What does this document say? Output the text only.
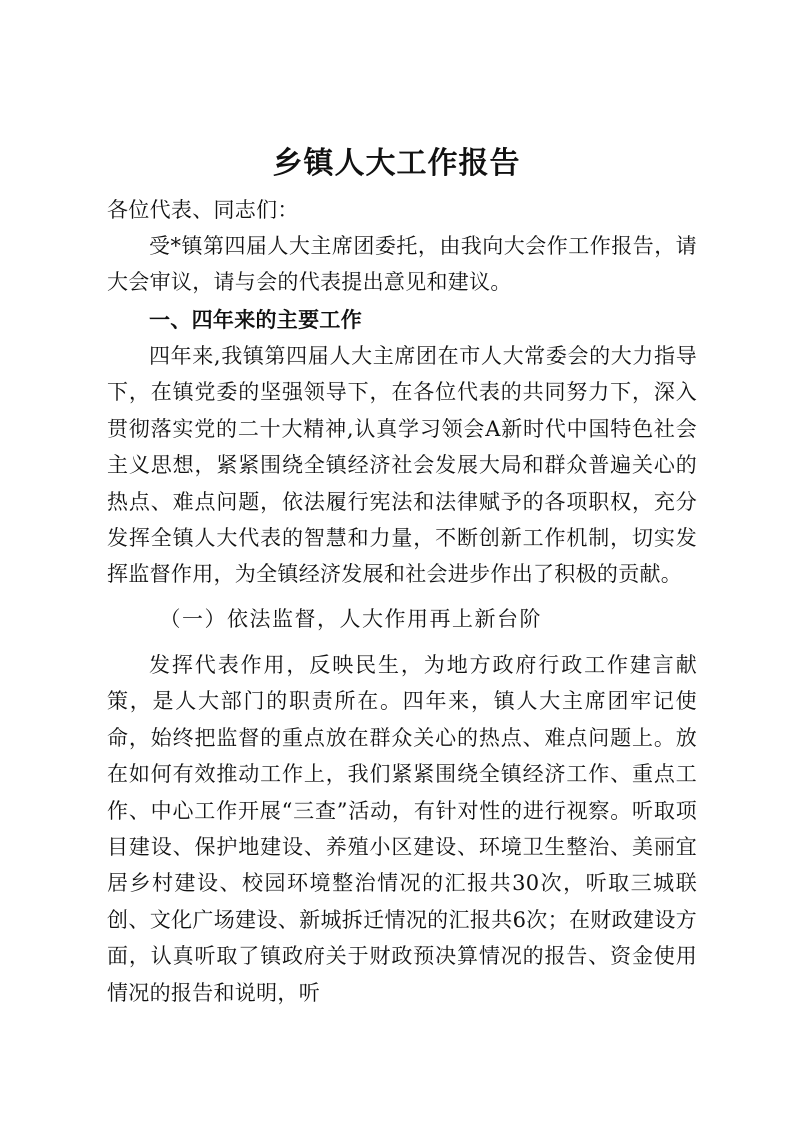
乡镇人大工作报告
各位代表、同志们：
受*镇第四届人大主席团委托，由我向大会作工作报告，请大会审议，请与会的代表提出意见和建议。
一、四年来的主要工作
四年来,我镇第四届人大主席团在市人大常委会的大力指导下，在镇党委的坚强领导下，在各位代表的共同努力下，深入贯彻落实党的二十大精神,认真学习领会A新时代中国特色社会主义思想，紧紧围绕全镇经济社会发展大局和群众普遍关心的热点、难点问题，依法履行宪法和法律赋予的各项职权，充分发挥全镇人大代表的智慧和力量，不断创新工作机制，切实发挥监督作用，为全镇经济发展和社会进步作出了积极的贡献。
（一）依法监督，人大作用再上新台阶
发挥代表作用，反映民生，为地方政府行政工作建言献策，是人大部门的职责所在。四年来，镇人大主席团牢记使命，始终把监督的重点放在群众关心的热点、难点问题上。放在如何有效推动工作上，我们紧紧围绕全镇经济工作、重点工作、中心工作开展“三查”活动，有针对性的进行视察。听取项目建设、保护地建设、养殖小区建设、环境卫生整治、美丽宜居乡村建设、校园环境整治情况的汇报共30次，听取三城联创、文化广场建设、新城拆迁情况的汇报共6次；在财政建设方面，认真听取了镇政府关于财政预决算情况的报告、资金使用情况的报告和说明，听
